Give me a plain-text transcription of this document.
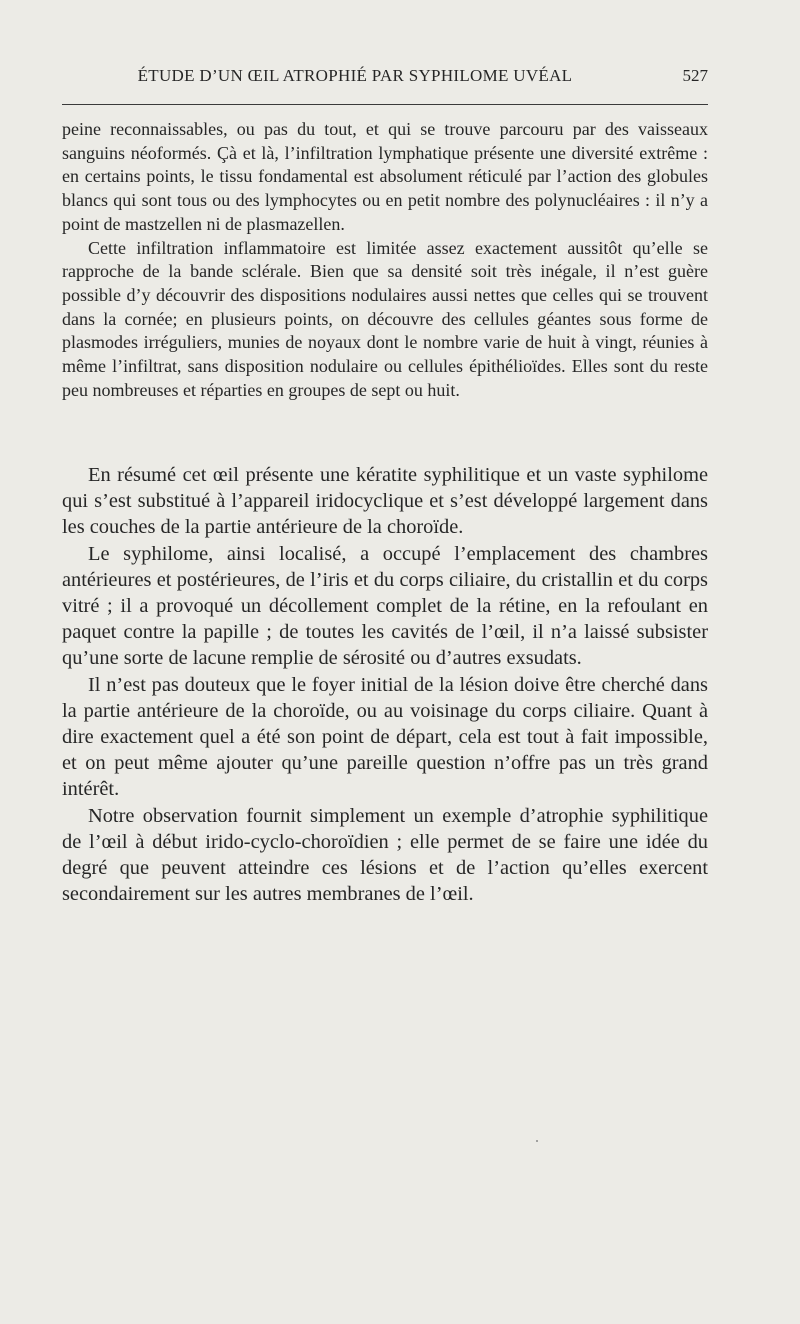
ÉTUDE D’UN ŒIL ATROPHIÉ PAR SYPHILOME UVÉAL	527

peine reconnaissables, ou pas du tout, et qui se trouve parcouru par des vaisseaux sanguins néoformés. Çà et là, l’infiltration lymphatique présente une diversité extrême : en certains points, le tissu fondamental est absolument réticulé par l’action des globules blancs qui sont tous ou des lymphocytes ou en petit nombre des polynucléaires : il n’y a point de mastzellen ni de plasmazellen.

Cette infiltration inflammatoire est limitée assez exactement aussitôt qu’elle se rapproche de la bande sclérale. Bien que sa densité soit très inégale, il n’est guère possible d’y découvrir des dispositions nodulaires aussi nettes que celles qui se trouvent dans la cornée; en plusieurs points, on découvre des cellules géantes sous forme de plasmodes irréguliers, munies de noyaux dont le nombre varie de huit à vingt, réunies à même l’infiltrat, sans disposition nodulaire ou cellules épithélioïdes. Elles sont du reste peu nombreuses et réparties en groupes de sept ou huit.

En résumé cet œil présente une kératite syphilitique et un vaste syphilome qui s’est substitué à l’appareil iridocyclique et s’est développé largement dans les couches de la partie antérieure de la choroïde.

Le syphilome, ainsi localisé, a occupé l’emplacement des chambres antérieures et postérieures, de l’iris et du corps ciliaire, du cristallin et du corps vitré ; il a provoqué un décollement complet de la rétine, en la refoulant en paquet contre la papille ; de toutes les cavités de l’œil, il n’a laissé subsister qu’une sorte de lacune remplie de sérosité ou d’autres exsudats.

Il n’est pas douteux que le foyer initial de la lésion doive être cherché dans la partie antérieure de la choroïde, ou au voisinage du corps ciliaire. Quant à dire exactement quel a été son point de départ, cela est tout à fait impossible, et on peut même ajouter qu’une pareille question n’offre pas un très grand intérêt.

Notre observation fournit simplement un exemple d’atrophie syphilitique de l’œil à début irido-cyclo-choroïdien ; elle permet de se faire une idée du degré que peuvent atteindre ces lésions et de l’action qu’elles exercent secondairement sur les autres membranes de l’œil.
